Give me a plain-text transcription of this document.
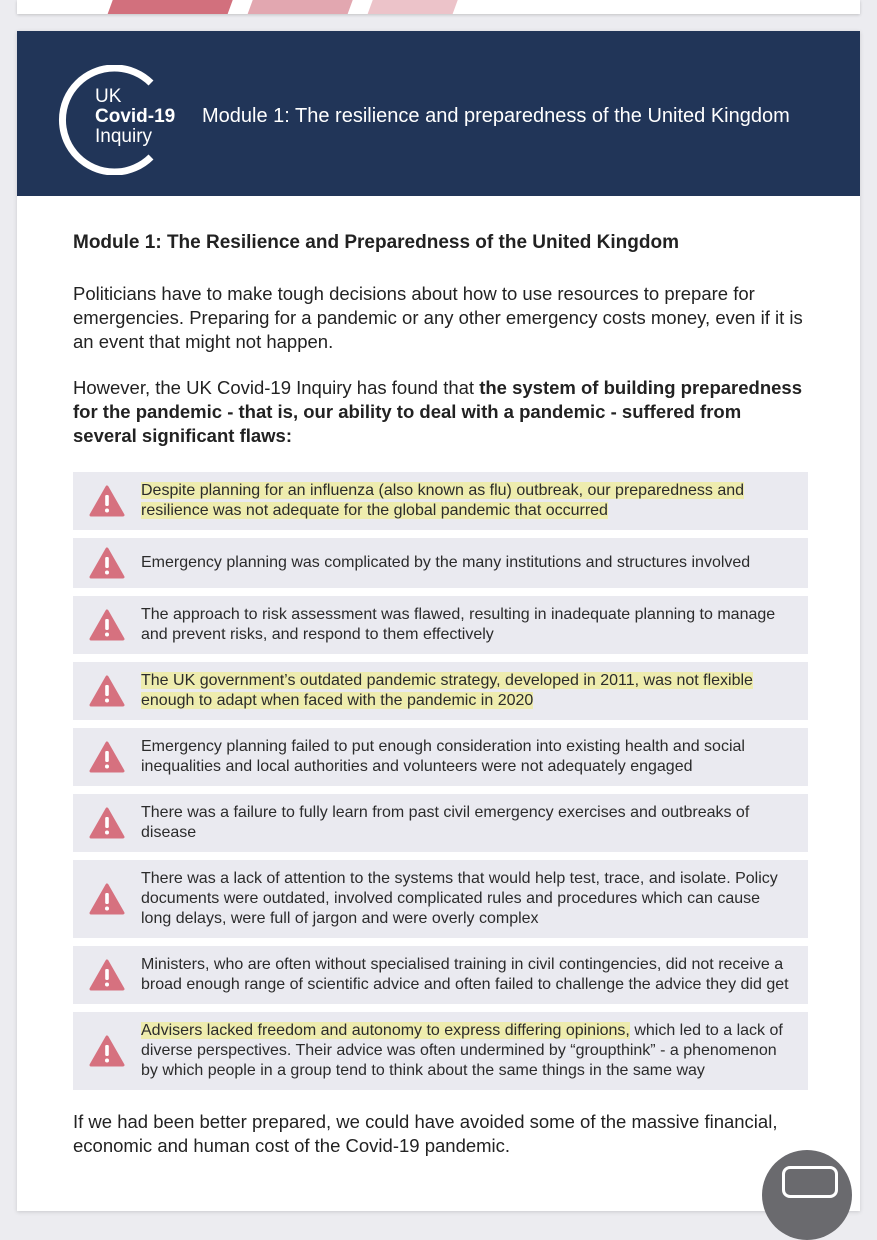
UK
Covid-19
Inquiry
Module 1: The resilience and preparedness of the United Kingdom

Module 1: The Resilience and Preparedness of the United Kingdom

Politicians have to make tough decisions about how to use resources to prepare for emergencies. Preparing for a pandemic or any other emergency costs money, even if it is an event that might not happen.

However, the UK Covid-19 Inquiry has found that the system of building preparedness for the pandemic - that is, our ability to deal with a pandemic - suffered from several significant flaws:

Despite planning for an influenza (also known as flu) outbreak, our preparedness and resilience was not adequate for the global pandemic that occurred
Emergency planning was complicated by the many institutions and structures involved
The approach to risk assessment was flawed, resulting in inadequate planning to manage and prevent risks, and respond to them effectively
The UK government’s outdated pandemic strategy, developed in 2011, was not flexible enough to adapt when faced with the pandemic in 2020
Emergency planning failed to put enough consideration into existing health and social inequalities and local authorities and volunteers were not adequately engaged
There was a failure to fully learn from past civil emergency exercises and outbreaks of disease
There was a lack of attention to the systems that would help test, trace, and isolate. Policy documents were outdated, involved complicated rules and procedures which can cause long delays, were full of jargon and were overly complex
Ministers, who are often without specialised training in civil contingencies, did not receive a broad enough range of scientific advice and often failed to challenge the advice they did get
Advisers lacked freedom and autonomy to express differing opinions, which led to a lack of diverse perspectives. Their advice was often undermined by “groupthink” - a phenomenon by which people in a group tend to think about the same things in the same way

If we had been better prepared, we could have avoided some of the massive financial, economic and human cost of the Covid-19 pandemic.
